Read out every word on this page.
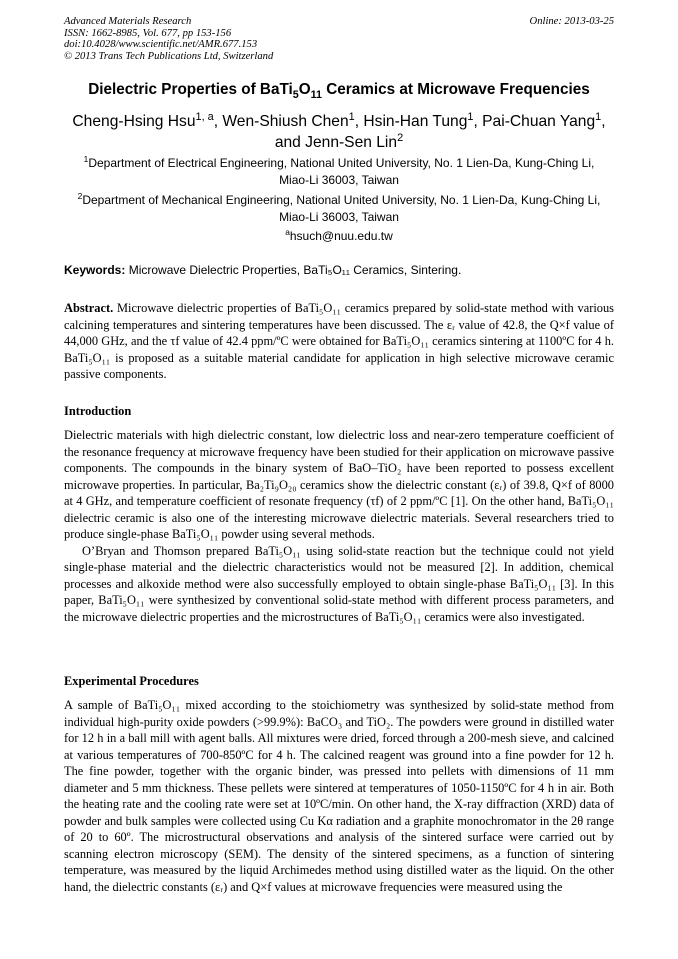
Advanced Materials Research
ISSN: 1662-8985, Vol. 677, pp 153-156
doi:10.4028/www.scientific.net/AMR.677.153
© 2013 Trans Tech Publications Ltd, Switzerland
Online: 2013-03-25
Dielectric Properties of $BaTi_5O_{11}$ Ceramics at Microwave Frequencies
Cheng-Hsing Hsu$^{1, a}$, Wen-Shiush Chen$^1$, Hsin-Han Tung$^1$, Pai-Chuan Yang$^1$,
and Jenn-Sen Lin$^2$
$^1$Department of Electrical Engineering, National United University, No. 1 Lien-Da, Kung-Ching Li,
Miao-Li 36003, Taiwan
$^2$Department of Mechanical Engineering, National United University, No. 1 Lien-Da, Kung-Ching Li,
Miao-Li 36003, Taiwan
$^a$hsuch@nuu.edu.tw
Keywords: Microwave Dielectric Properties, BaTi₅O₁₁ Ceramics, Sintering.

Abstract. Microwave dielectric properties of BaTi₅O₁₁ ceramics prepared by solid-state method with various calcining temperatures and sintering temperatures have been discussed. The εᵣ value of 42.8, the Q×f value of 44,000 GHz, and the τf value of 42.4 ppm/ºC were obtained for BaTi₅O₁₁ ceramics sintering at 1100ºC for 4 h. BaTi₅O₁₁ is proposed as a suitable material candidate for application in high selective microwave ceramic passive components.

Introduction

Dielectric materials with high dielectric constant, low dielectric loss and near-zero temperature coefficient of the resonance frequency at microwave frequency have been studied for their application on microwave passive components. The compounds in the binary system of BaO–TiO₂ have been reported to possess excellent microwave properties. In particular, Ba₂Ti₉O₂₀ ceramics show the dielectric constant (εᵣ) of 39.8, Q×f of 8000 at 4 GHz, and temperature coefficient of resonate frequency (τf) of 2 ppm/ºC [1]. On the other hand, BaTi₅O₁₁ dielectric ceramic is also one of the interesting microwave dielectric materials. Several researchers tried to produce single-phase BaTi₅O₁₁ powder using several methods.

O’Bryan and Thomson prepared BaTi₅O₁₁ using solid-state reaction but the technique could not yield single-phase material and the dielectric characteristics would not be measured [2]. In addition, chemical processes and alkoxide method were also successfully employed to obtain single-phase BaTi₅O₁₁ [3]. In this paper, BaTi₅O₁₁ were synthesized by conventional solid-state method with different process parameters, and the microwave dielectric properties and the microstructures of BaTi₅O₁₁ ceramics were also investigated.

Experimental Procedures

A sample of BaTi₅O₁₁ mixed according to the stoichiometry was synthesized by solid-state method from individual high-purity oxide powders (>99.9%): BaCO₃ and TiO₂. The powders were ground in distilled water for 12 h in a ball mill with agent balls. All mixtures were dried, forced through a 200-mesh sieve, and calcined at various temperatures of 700-850ºC for 4 h. The calcined reagent was ground into a fine powder for 12 h. The fine powder, together with the organic binder, was pressed into pellets with dimensions of 11 mm diameter and 5 mm thickness. These pellets were sintered at temperatures of 1050-1150ºC for 4 h in air. Both the heating rate and the cooling rate were set at 10ºC/min. On other hand, the X-ray diffraction (XRD) data of powder and bulk samples were collected using Cu Kα radiation and a graphite monochromator in the 2θ range of 20 to 60º. The microstructural observations and analysis of the sintered surface were carried out by scanning electron microscopy (SEM). The density of the sintered specimens, as a function of sintering temperature, was measured by the liquid Archimedes method using distilled water as the liquid. On the other hand, the dielectric constants (εᵣ) and Q×f values at microwave frequencies were measured using the
